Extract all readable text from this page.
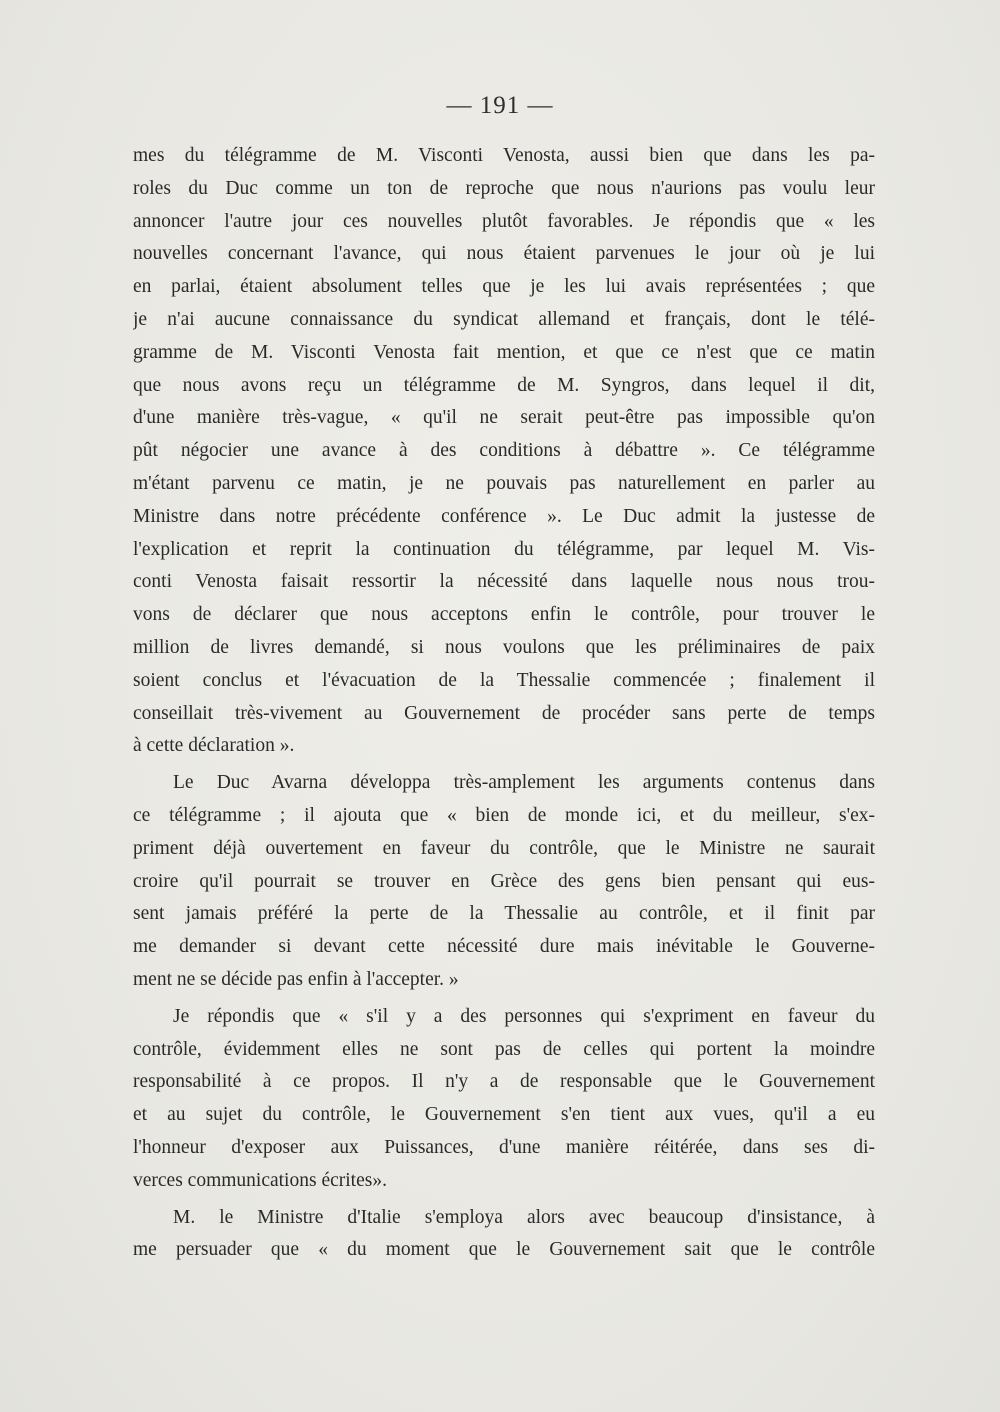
— 191 —
mes du télégramme de M. Visconti Venosta, aussi bien que dans les pa-
roles du Duc comme un ton de reproche que nous n'aurions pas voulu leur
annoncer l'autre jour ces nouvelles plutôt favorables. Je répondis que « les
nouvelles concernant l'avance, qui nous étaient parvenues le jour où je lui
en parlai, étaient absolument telles que je les lui avais représentées ; que
je n'ai aucune connaissance du syndicat allemand et français, dont le télé-
gramme de M. Visconti Venosta fait mention, et que ce n'est que ce matin
que nous avons reçu un télégramme de M. Syngros, dans lequel il dit,
d'une manière très-vague, « qu'il ne serait peut-être pas impossible qu'on
pût négocier une avance à des conditions à débattre ». Ce télégramme
m'étant parvenu ce matin, je ne pouvais pas naturellement en parler au
Ministre dans notre précédente conférence ». Le Duc admit la justesse de
l'explication et reprit la continuation du télégramme, par lequel M. Vis-
conti Venosta faisait ressortir la nécessité dans laquelle nous nous trou-
vons de déclarer que nous acceptons enfin le contrôle, pour trouver le
million de livres demandé, si nous voulons que les préliminaires de paix
soient conclus et l'évacuation de la Thessalie commencée ; finalement il
conseillait très-vivement au Gouvernement de procéder sans perte de temps
à cette déclaration ».
Le Duc Avarna développa très-amplement les arguments contenus dans
ce télégramme ; il ajouta que « bien de monde ici, et du meilleur, s'ex-
priment déjà ouvertement en faveur du contrôle, que le Ministre ne saurait
croire qu'il pourrait se trouver en Grèce des gens bien pensant qui eus-
sent jamais préféré la perte de la Thessalie au contrôle, et il finit par
me demander si devant cette nécessité dure mais inévitable le Gouverne-
ment ne se décide pas enfin à l'accepter. »
Je répondis que « s'il y a des personnes qui s'expriment en faveur du
contrôle, évidemment elles ne sont pas de celles qui portent la moindre
responsabilité à ce propos. Il n'y a de responsable que le Gouvernement
et au sujet du contrôle, le Gouvernement s'en tient aux vues, qu'il a eu
l'honneur d'exposer aux Puissances, d'une manière réitérée, dans ses di-
verces communications écrites».
M. le Ministre d'Italie s'employa alors avec beaucoup d'insistance, à
me persuader que « du moment que le Gouvernement sait que le contrôle
